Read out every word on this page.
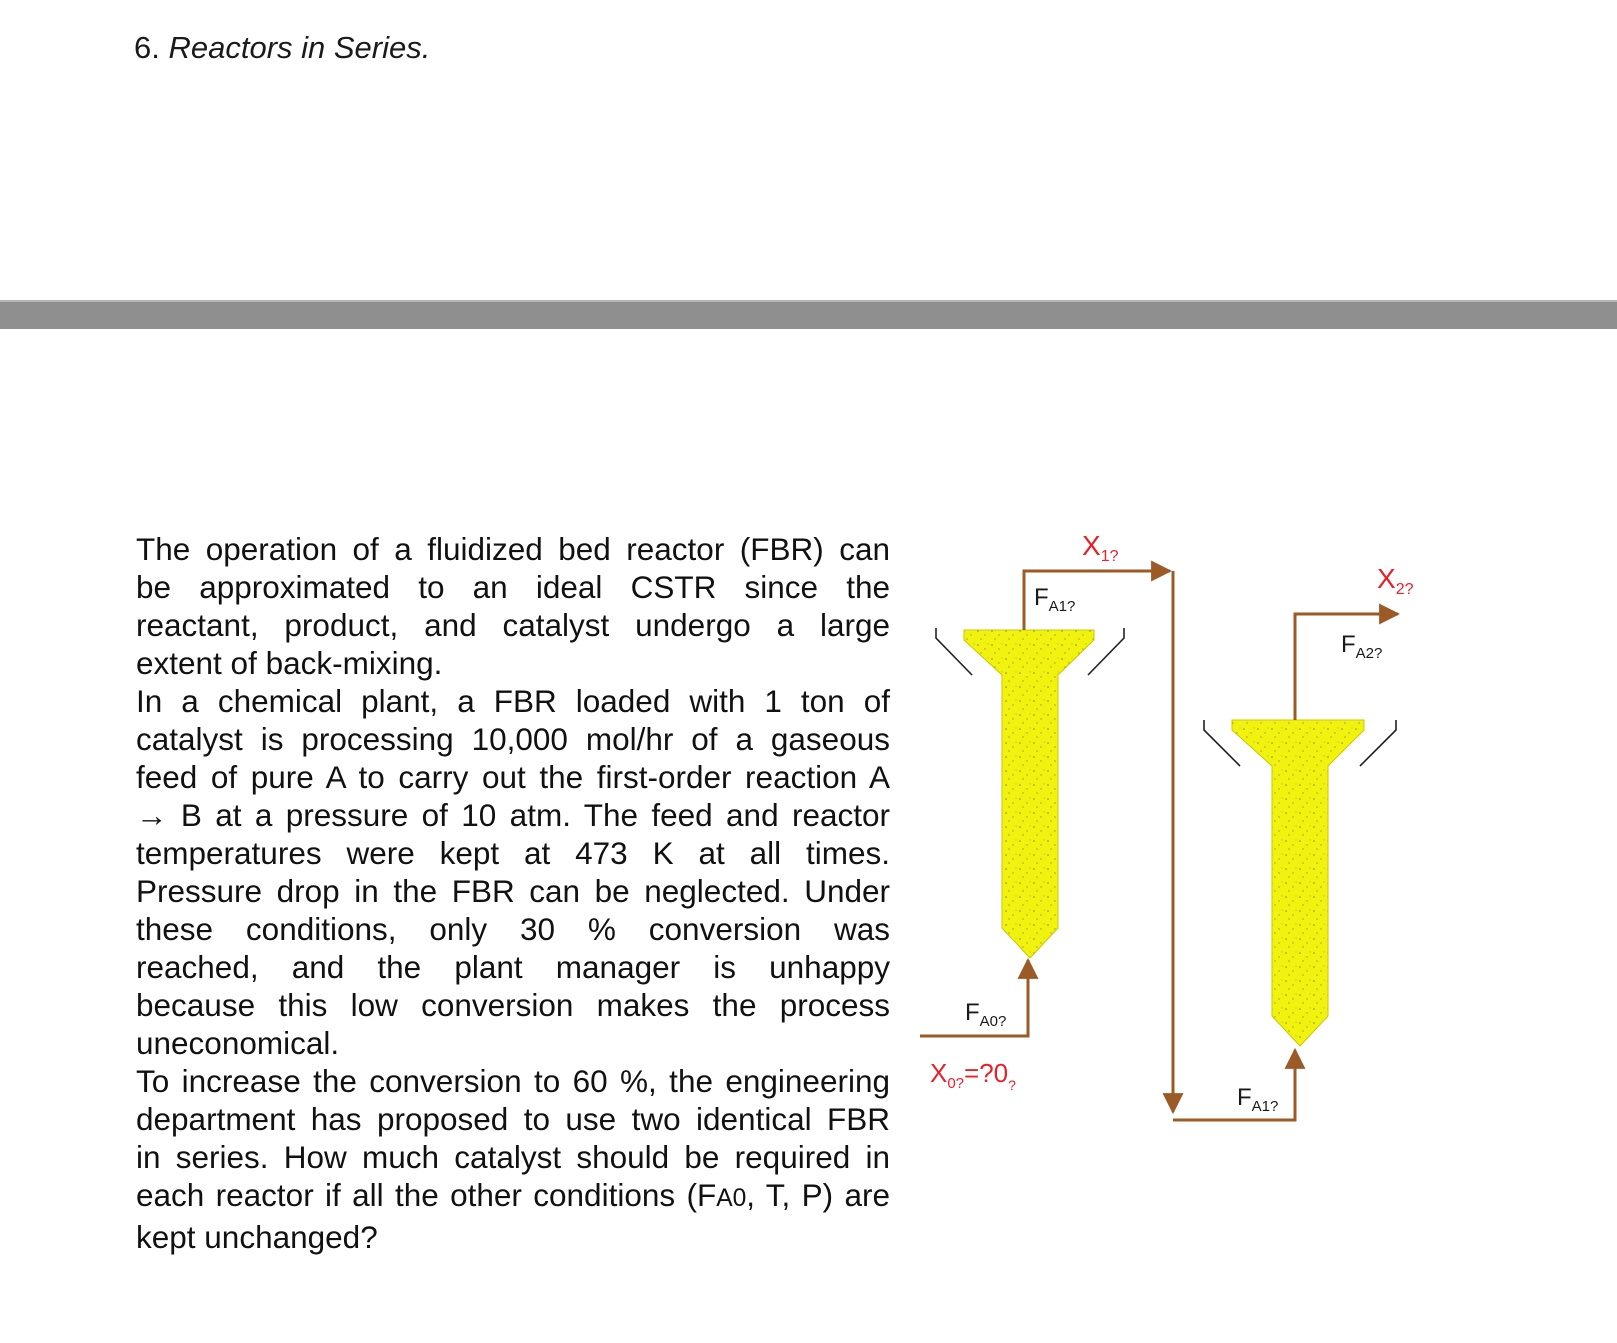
6. Reactors in Series.

The operation of a fluidized bed reactor (FBR) can
be approximated to an ideal CSTR since the
reactant, product, and catalyst undergo a large
extent of back-mixing.

In a chemical plant, a FBR loaded with 1 ton of
catalyst is processing 10,000 mol/hr of a gaseous
feed of pure A to carry out the first-order reaction A
→ B at a pressure of 10 atm. The feed and reactor
temperatures were kept at 473 K at all times.
Pressure drop in the FBR can be neglected. Under
these conditions, only 30 % conversion was
reached, and the plant manager is unhappy
because this low conversion makes the process
uneconomical.

To increase the conversion to 60 %, the engineering
department has proposed to use two identical FBR
in series. How much catalyst should be required in
each reactor if all the other conditions (FA0, T, P) are
kept unchanged?

$X_{1?}$
$F_{A1?}$
$X_{2?}$
$F_{A2?}$
$F_{A0?}$
$X_{0?}=?0_?$	$F_{A1?}$
